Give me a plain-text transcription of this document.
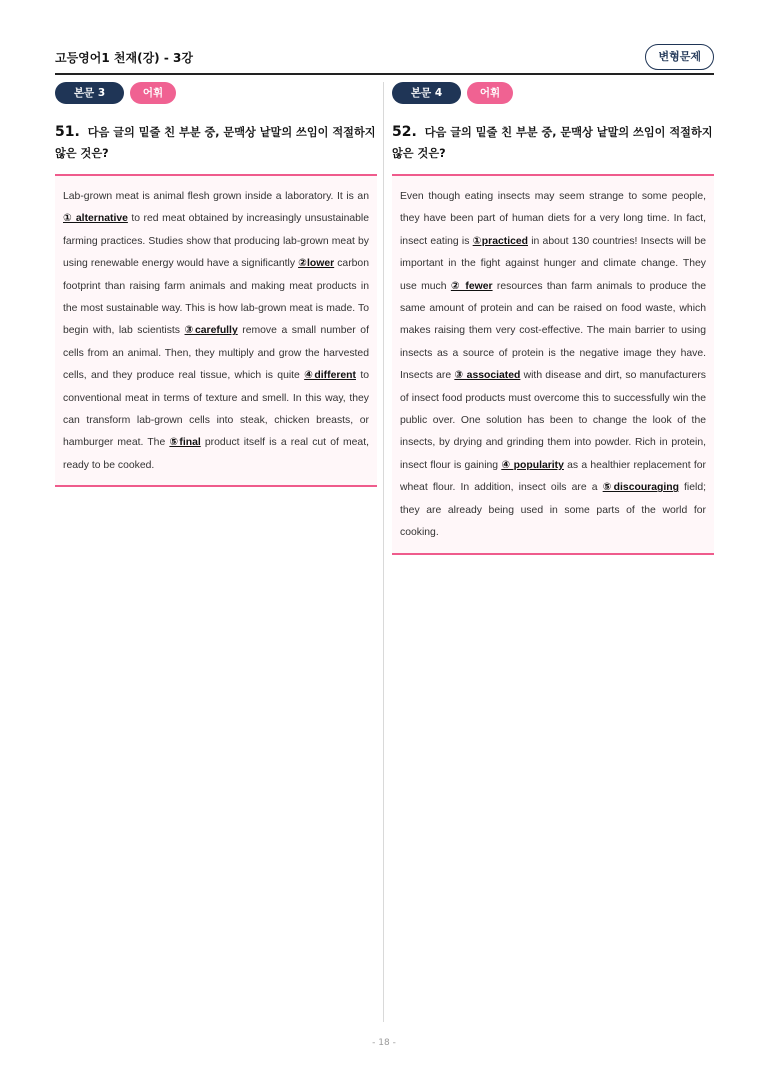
고등영어1 천재(강) - 3강	변형문제
본문 3	어휘
51. 다음 글의 밑줄 친 부분 중, 문맥상 낱말의 쓰임이 적절하지 않은 것은?

Lab-grown meat is animal flesh grown inside a laboratory. It is an ① alternative to red meat obtained by increasingly unsustainable farming practices. Studies show that producing lab-grown meat by using renewable energy would have a significantly ②lower carbon footprint than raising farm animals and making meat products in the most sustainable way. This is how lab-grown meat is made. To begin with, lab scientists ③carefully remove a small number of cells from an animal. Then, they multiply and grow the harvested cells, and they produce real tissue, which is quite ④different to conventional meat in terms of texture and smell. In this way, they can transform lab-grown cells into steak, chicken breasts, or hamburger meat. The ⑤final product itself is a real cut of meat, ready to be cooked.

본문 4	어휘
52. 다음 글의 밑줄 친 부분 중, 문맥상 낱말의 쓰임이 적절하지 않은 것은?

Even though eating insects may seem strange to some people, they have been part of human diets for a very long time. In fact, insect eating is ①practiced in about 130 countries! Insects will be important in the fight against hunger and climate change. They use much ② fewer resources than farm animals to produce the same amount of protein and can be raised on food waste, which makes raising them very cost-effective. The main barrier to using insects as a source of protein is the negative image they have. Insects are ③ associated with disease and dirt, so manufacturers of insect food products must overcome this to successfully win the public over. One solution has been to change the look of the insects, by drying and grinding them into powder. Rich in protein, insect flour is gaining ④ popularity as a healthier replacement for wheat flour. In addition, insect oils are a ⑤discouraging field; they are already being used in some parts of the world for cooking.

- 18 -
